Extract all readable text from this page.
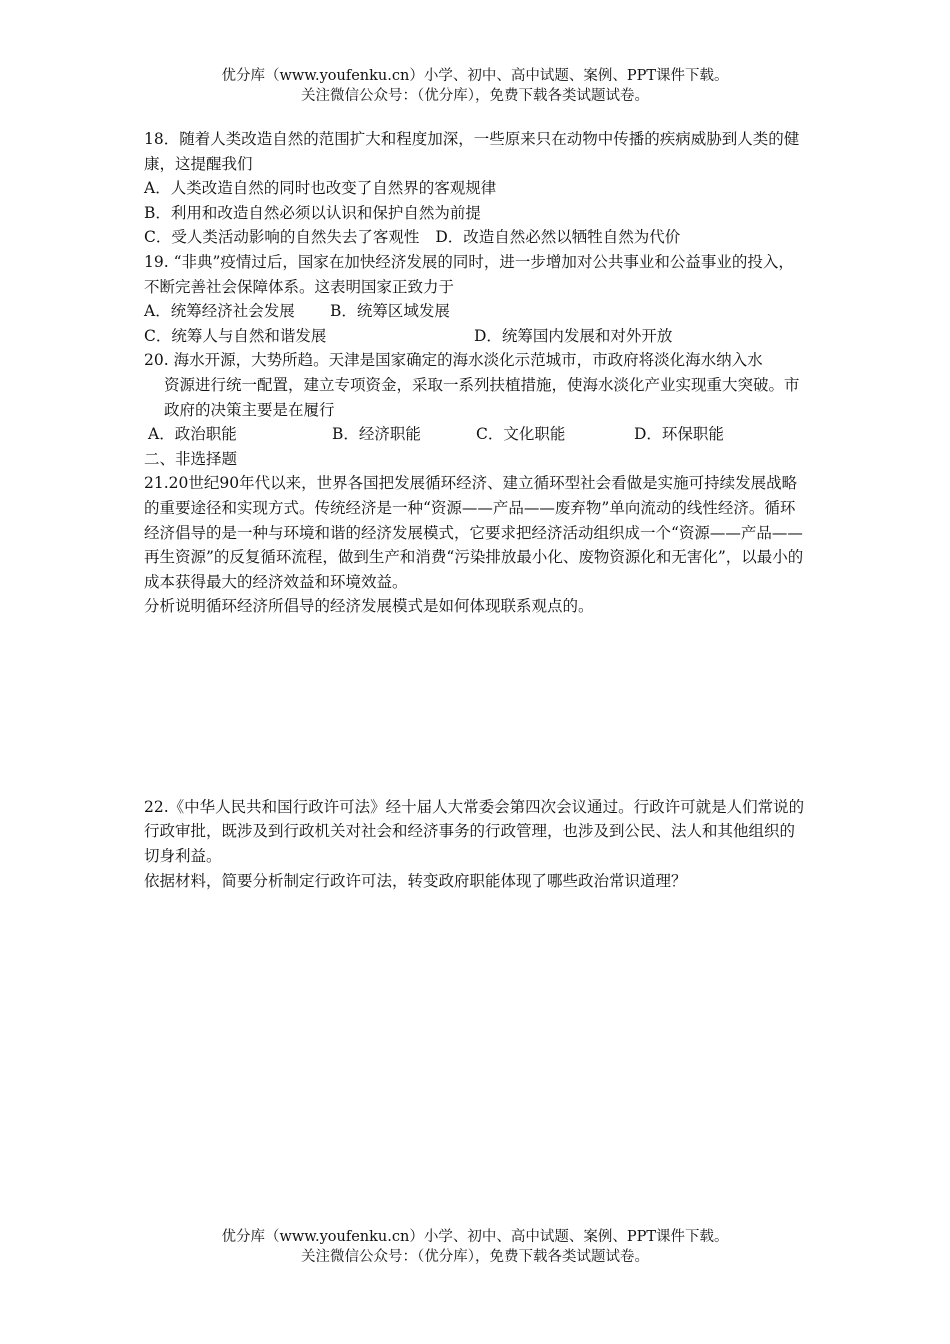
优分库（www.youfenku.cn）小学、初中、高中试题、案例、PPT课件下载。
关注微信公众号：（优分库），免费下载各类试题试卷。

18．随着人类改造自然的范围扩大和程度加深，一些原来只在动物中传播的疾病威胁到人类的健康，这提醒我们

A．人类改造自然的同时也改变了自然界的客观规律

B．利用和改造自然必须以认识和保护自然为前提

C．受人类活动影响的自然失去了客观性 D．改造自然必然以牺牲自然为代价

19. “非典”疫情过后，国家在加快经济发展的同时，进一步增加对公共事业和公益事业的投入，不断完善社会保障体系。这表明国家正致力于

A．统筹经济社会发展 B．统筹区域发展

C．统筹人与自然和谐发展	D．统筹国内发展和对外开放

20. 海水开源，大势所趋。天津是国家确定的海水淡化示范城市，市政府将淡化海水纳入水

资源进行统一配置，建立专项资金，采取一系列扶植措施，使海水淡化产业实现重大突破。市政府的决策主要是在履行

A．政治职能	B．经济职能	C．文化职能	D．环保职能

二、非选择题

21.20世纪90年代以来，世界各国把发展循环经济、建立循环型社会看做是实施可持续发展战略的重要途径和实现方式。传统经济是一种“资源——产品——废弃物”单向流动的线性经济。循环经济倡导的是一种与环境和谐的经济发展模式，它要求把经济活动组织成一个“资源——产品——再生资源”的反复循环流程，做到生产和消费“污染排放最小化、废物资源化和无害化”，以最小的成本获得最大的经济效益和环境效益。

分析说明循环经济所倡导的经济发展模式是如何体现联系观点的。

22.《中华人民共和国行政许可法》经十届人大常委会第四次会议通过。行政许可就是人们常说的行政审批，既涉及到行政机关对社会和经济事务的行政管理，也涉及到公民、法人和其他组织的切身利益。

依据材料，简要分析制定行政许可法，转变政府职能体现了哪些政治常识道理？

优分库（www.youfenku.cn）小学、初中、高中试题、案例、PPT课件下载。
关注微信公众号：（优分库），免费下载各类试题试卷。
